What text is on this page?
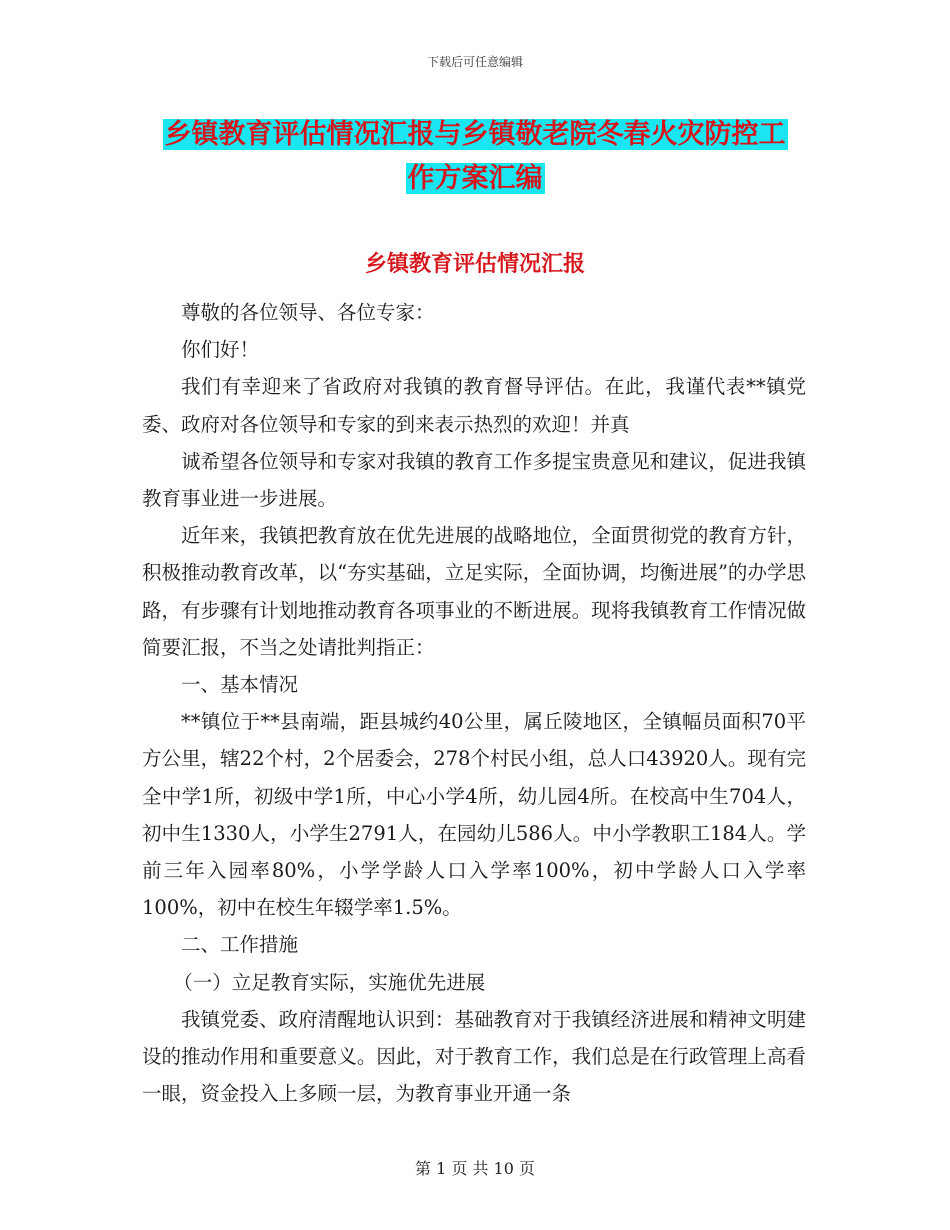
下载后可任意编辑
乡镇教育评估情况汇报与乡镇敬老院冬春火灾防控工
作方案汇编
乡镇教育评估情况汇报

尊敬的各位领导、各位专家：

你们好！

我们有幸迎来了省政府对我镇的教育督导评估。在此，我谨代表**镇党委、政府对各位领导和专家的到来表示热烈的欢迎！并真

诚希望各位领导和专家对我镇的教育工作多提宝贵意见和建议，促进我镇教育事业进一步进展。

近年来，我镇把教育放在优先进展的战略地位，全面贯彻党的教育方针，积极推动教育改革，以“夯实基础，立足实际，全面协调，均衡进展”的办学思路，有步骤有计划地推动教育各项事业的不断进展。现将我镇教育工作情况做简要汇报，不当之处请批判指正：

一、基本情况

**镇位于**县南端，距县城约40公里，属丘陵地区，全镇幅员面积70平方公里，辖22个村，2个居委会，278个村民小组，总人口43920人。现有完全中学1所，初级中学1所，中心小学4所，幼儿园4所。在校高中生704人，初中生1330人，小学生2791人，在园幼儿586人。中小学教职工184人。学前三年入园率80%，小学学龄人口入学率100%，初中学龄人口入学率100%，初中在校生年辍学率1.5%。

二、工作措施

（一）立足教育实际，实施优先进展

我镇党委、政府清醒地认识到：基础教育对于我镇经济进展和精神文明建设的推动作用和重要意义。因此，对于教育工作，我们总是在行政管理上高看一眼，资金投入上多顾一层，为教育事业开通一条

第 1 页 共 10 页
